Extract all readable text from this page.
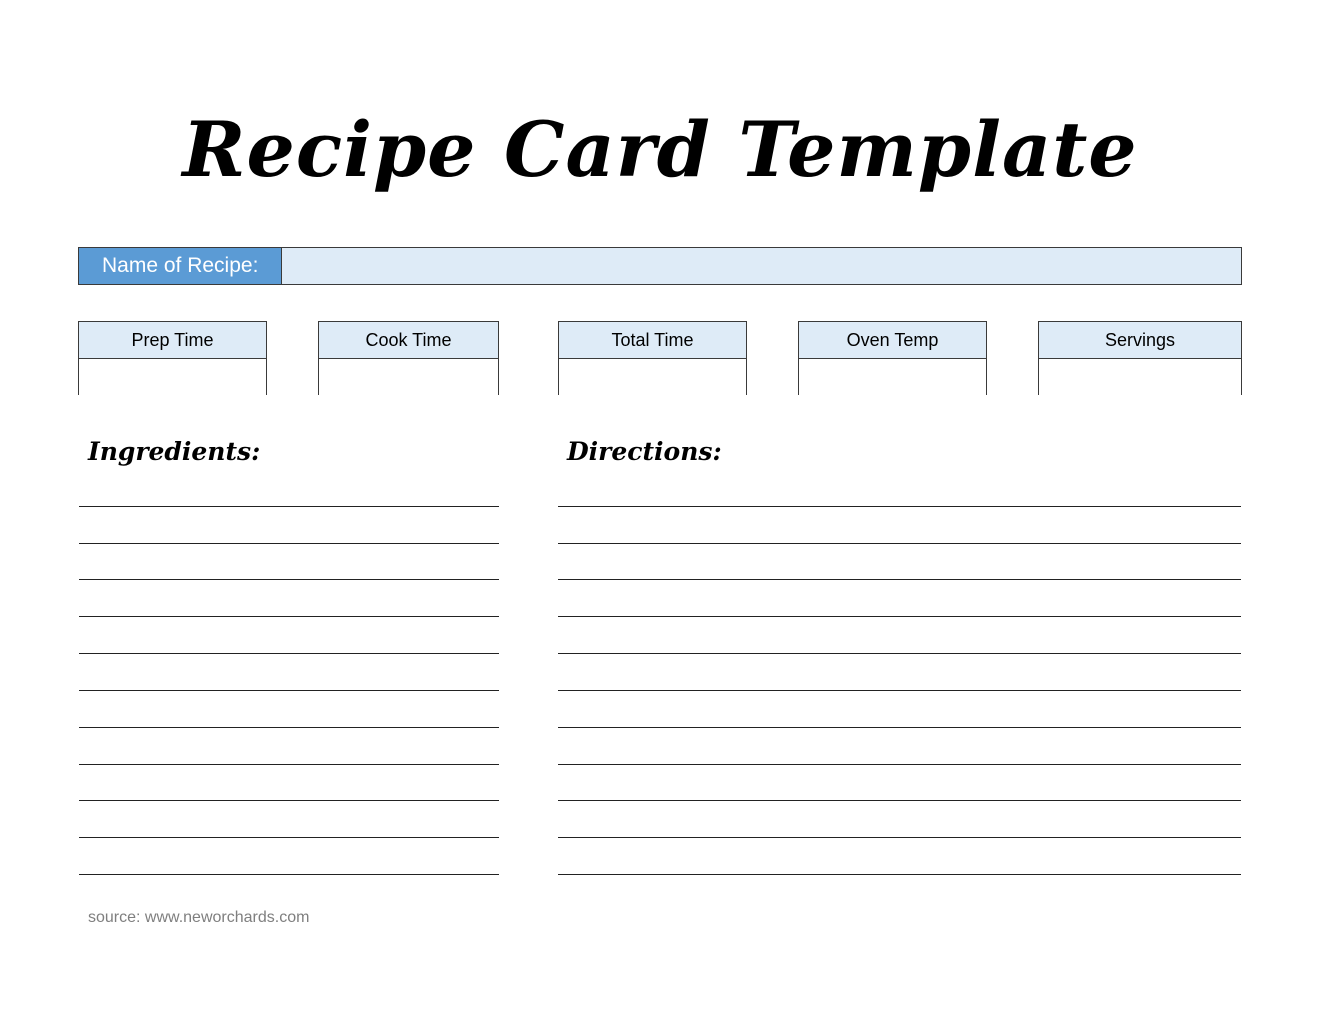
Recipe Card Template
Name of Recipe:
Prep Time	Cook Time	Total Time	Oven Temp	Servings
Ingredients:	Directions:
source: www.neworchards.com
